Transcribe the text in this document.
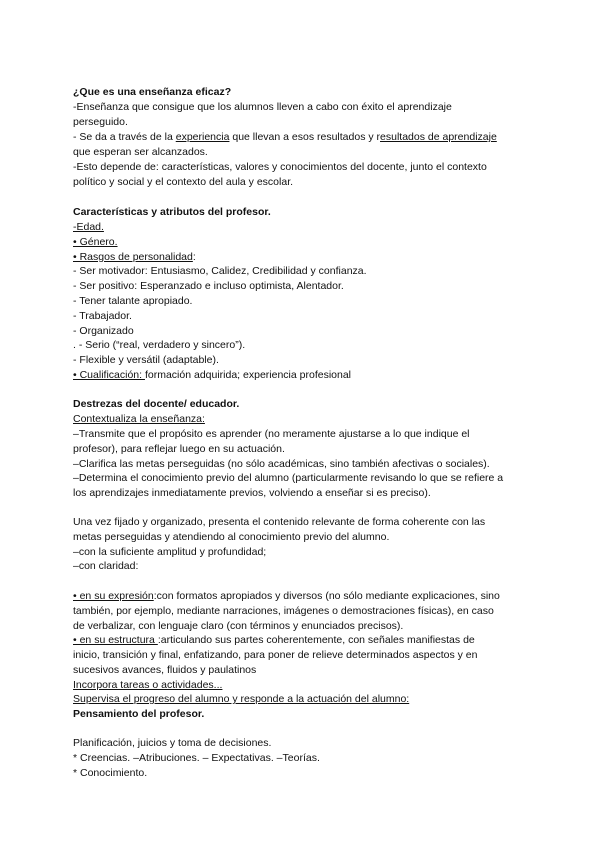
¿Que es una enseñanza eficaz?
-Enseñanza que consigue que los alumnos lleven a cabo con éxito el aprendizaje
perseguido.
- Se da a través de la experiencia que llevan a esos resultados y resultados de aprendizaje
que esperan ser alcanzados.
-Esto depende de: características, valores y conocimientos del docente, junto el contexto
político y social y el contexto del aula y escolar.
Características y atributos del profesor.
-Edad.
• Género.
• Rasgos de personalidad:
- Ser motivador: Entusiasmo, Calidez, Credibilidad y confianza.
- Ser positivo: Esperanzado e incluso optimista, Alentador.
- Tener talante apropiado.
- Trabajador.
- Organizado
. - Serio (“real, verdadero y sincero”).
- Flexible y versátil (adaptable).
• Cualificación: formación adquirida; experiencia profesional
Destrezas del docente/ educador.
Contextualiza la enseñanza:
–Transmite que el propósito es aprender (no meramente ajustarse a lo que indique el
profesor), para reflejar luego en su actuación.
–Clarifica las metas perseguidas (no sólo académicas, sino también afectivas o sociales).
–Determina el conocimiento previo del alumno (particularmente revisando lo que se refiere a
los aprendizajes inmediatamente previos, volviendo a enseñar si es preciso).
Una vez fijado y organizado, presenta el contenido relevante de forma coherente con las
metas perseguidas y atendiendo al conocimiento previo del alumno.
–con la suficiente amplitud y profundidad;
–con claridad:
• en su expresión:con formatos apropiados y diversos (no sólo mediante explicaciones, sino
también, por ejemplo, mediante narraciones, imágenes o demostraciones físicas), en caso
de verbalizar, con lenguaje claro (con términos y enunciados precisos).
• en su estructura :articulando sus partes coherentemente, con señales manifiestas de
inicio, transición y final, enfatizando, para poner de relieve determinados aspectos y en
sucesivos avances, fluidos y paulatinos
Incorpora tareas o actividades...
Supervisa el progreso del alumno y responde a la actuación del alumno:
Pensamiento del profesor.
Planificación, juicios y toma de decisiones.
* Creencias. –Atribuciones. – Expectativas. –Teorías.
* Conocimiento.
